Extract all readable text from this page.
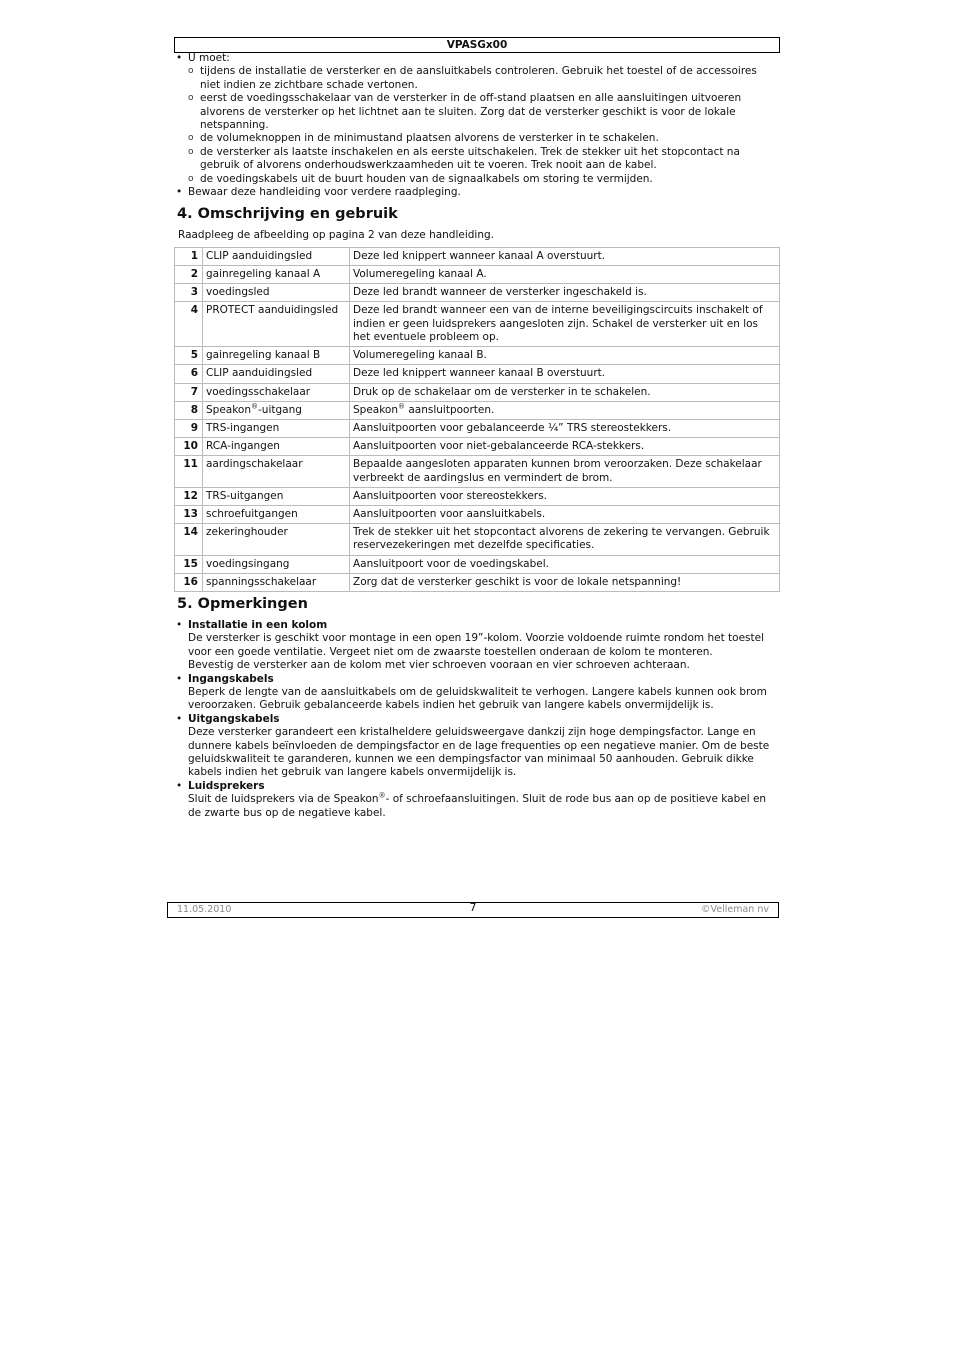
VPASGx00
• U moet:
o tijdens de installatie de versterker en de aansluitkabels controleren. Gebruik het toestel of de accessoires niet indien ze zichtbare schade vertonen.
o eerst de voedingsschakelaar van de versterker in de off-stand plaatsen en alle aansluitingen uitvoeren alvorens de versterker op het lichtnet aan te sluiten. Zorg dat de versterker geschikt is voor de lokale netspanning.
o de volumeknoppen in de minimustand plaatsen alvorens de versterker in te schakelen.
o de versterker als laatste inschakelen en als eerste uitschakelen. Trek de stekker uit het stopcontact na gebruik of alvorens onderhoudswerkzaamheden uit te voeren. Trek nooit aan de kabel.
o de voedingskabels uit de buurt houden van de signaalkabels om storing te vermijden.
• Bewaar deze handleiding voor verdere raadpleging.
4. Omschrijving en gebruik

Raadpleeg de afbeelding op pagina 2 van deze handleiding.

1	CLIP aanduidingsled	Deze led knippert wanneer kanaal A overstuurt.
2	gainregeling kanaal A	Volumeregeling kanaal A.
3	voedingsled	Deze led brandt wanneer de versterker ingeschakeld is.
4	PROTECT aanduidingsled	Deze led brandt wanneer een van de interne beveiligingscircuits inschakelt of indien er geen luidsprekers aangesloten zijn. Schakel de versterker uit en los het eventuele probleem op.
5	gainregeling kanaal B	Volumeregeling kanaal B.
6	CLIP aanduidingsled	Deze led knippert wanneer kanaal B overstuurt.
7	voedingsschakelaar	Druk op de schakelaar om de versterker in te schakelen.
8	Speakon®-uitgang	Speakon® aansluitpoorten.
9	TRS-ingangen	Aansluitpoorten voor gebalanceerde ¼” TRS stereostekkers.
10	RCA-ingangen	Aansluitpoorten voor niet-gebalanceerde RCA-stekkers.
11	aardingschakelaar	Bepaalde aangesloten apparaten kunnen brom veroorzaken. Deze schakelaar verbreekt de aardingslus en vermindert de brom.
12	TRS-uitgangen	Aansluitpoorten voor stereostekkers.
13	schroefuitgangen	Aansluitpoorten voor aansluitkabels.
14	zekeringhouder	Trek de stekker uit het stopcontact alvorens de zekering te vervangen. Gebruik reservezekeringen met dezelfde specificaties.
15	voedingsingang	Aansluitpoort voor de voedingskabel.
16	spanningsschakelaar	Zorg dat de versterker geschikt is voor de lokale netspanning!
5. Opmerkingen
• Installatie in een kolom
De versterker is geschikt voor montage in een open 19”-kolom. Voorzie voldoende ruimte rondom het toestel voor een goede ventilatie. Vergeet niet om de zwaarste toestellen onderaan de kolom te monteren.
Bevestig de versterker aan de kolom met vier schroeven vooraan en vier schroeven achteraan.
• Ingangskabels
Beperk de lengte van de aansluitkabels om de geluidskwaliteit te verhogen. Langere kabels kunnen ook brom veroorzaken. Gebruik gebalanceerde kabels indien het gebruik van langere kabels onvermijdelijk is.
• Uitgangskabels
Deze versterker garandeert een kristalheldere geluidsweergave dankzij zijn hoge dempingsfactor. Lange en dunnere kabels beïnvloeden de dempingsfactor en de lage frequenties op een negatieve manier. Om de beste geluidskwaliteit te garanderen, kunnen we een dempingsfactor van minimaal 50 aanhouden. Gebruik dikke kabels indien het gebruik van langere kabels onvermijdelijk is.
• Luidsprekers
Sluit de luidsprekers via de Speakon®- of schroefaansluitingen. Sluit de rode bus aan op de positieve kabel en de zwarte bus op de negatieve kabel.
11.05.2010	7	©Velleman nv
